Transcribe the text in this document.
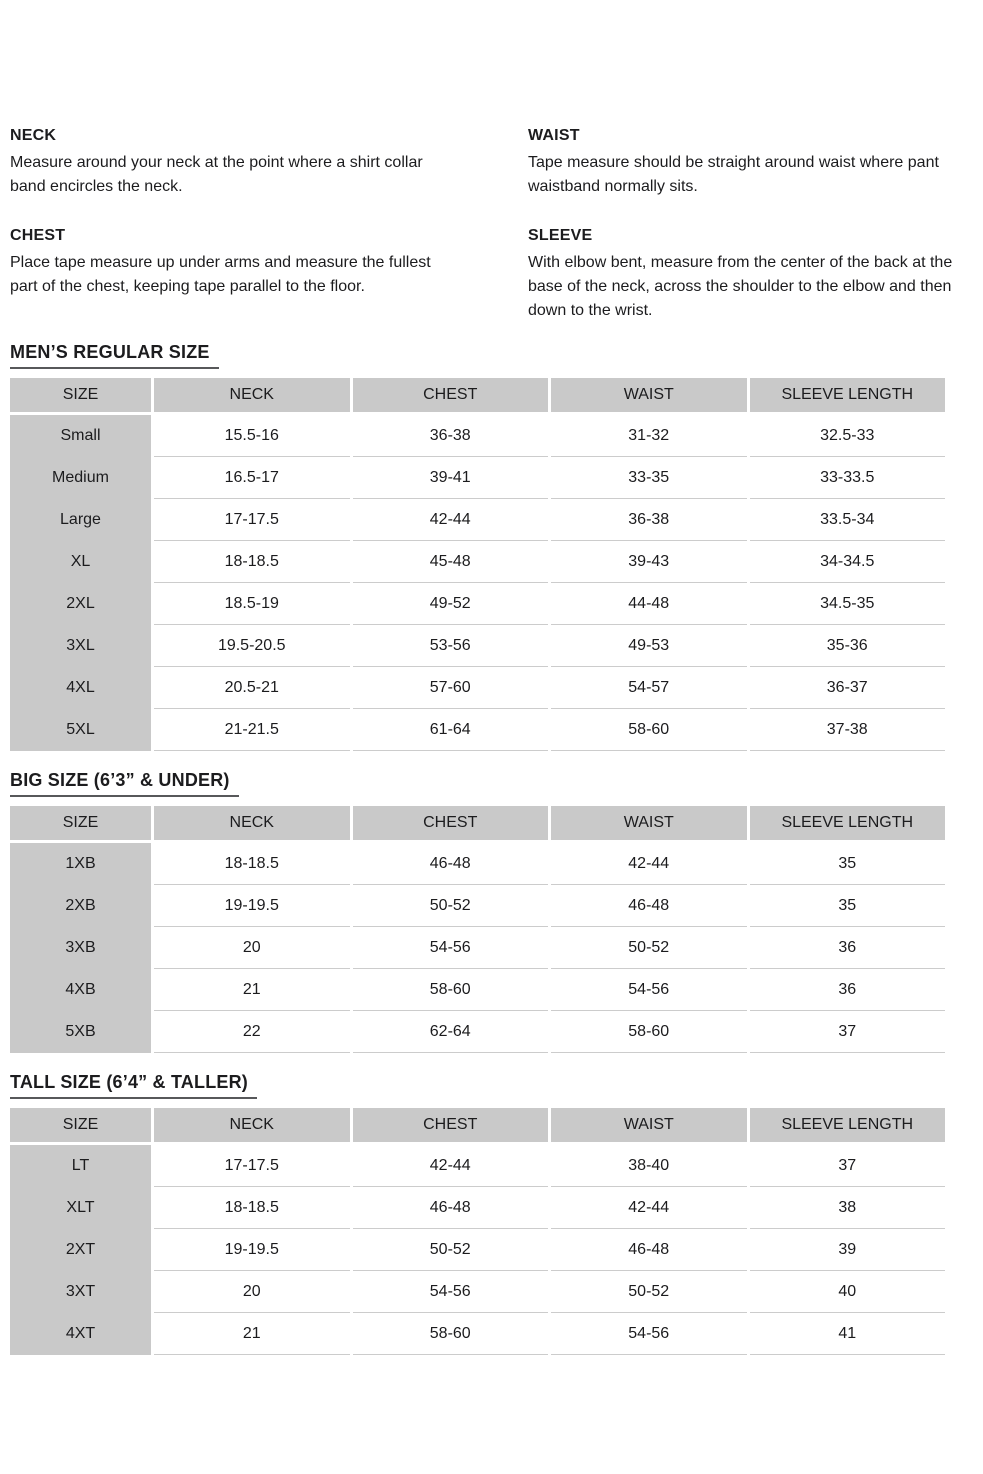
NECK

Measure around your neck at the point where a shirt collar band encircles the neck.

WAIST

Tape measure should be straight around waist where pant waistband normally sits.

CHEST

Place tape measure up under arms and measure the fullest part of the chest, keeping tape parallel to the floor.

SLEEVE

With elbow bent, measure from the center of the back at the base of the neck, across the shoulder to the elbow and then down to the wrist.

MEN’S REGULAR SIZE
SIZE	NECK	CHEST	WAIST	SLEEVE LENGTH
Small	15.5-16	36-38	31-32	32.5-33
Medium	16.5-17	39-41	33-35	33-33.5
Large	17-17.5	42-44	36-38	33.5-34
XL	18-18.5	45-48	39-43	34-34.5
2XL	18.5-19	49-52	44-48	34.5-35
3XL	19.5-20.5	53-56	49-53	35-36
4XL	20.5-21	57-60	54-57	36-37
5XL	21-21.5	61-64	58-60	37-38
BIG SIZE (6’3” & UNDER)
SIZE	NECK	CHEST	WAIST	SLEEVE LENGTH
1XB	18-18.5	46-48	42-44	35
2XB	19-19.5	50-52	46-48	35
3XB	20	54-56	50-52	36
4XB	21	58-60	54-56	36
5XB	22	62-64	58-60	37
TALL SIZE (6’4” & TALLER)
SIZE	NECK	CHEST	WAIST	SLEEVE LENGTH
LT	17-17.5	42-44	38-40	37
XLT	18-18.5	46-48	42-44	38
2XT	19-19.5	50-52	46-48	39
3XT	20	54-56	50-52	40
4XT	21	58-60	54-56	41
